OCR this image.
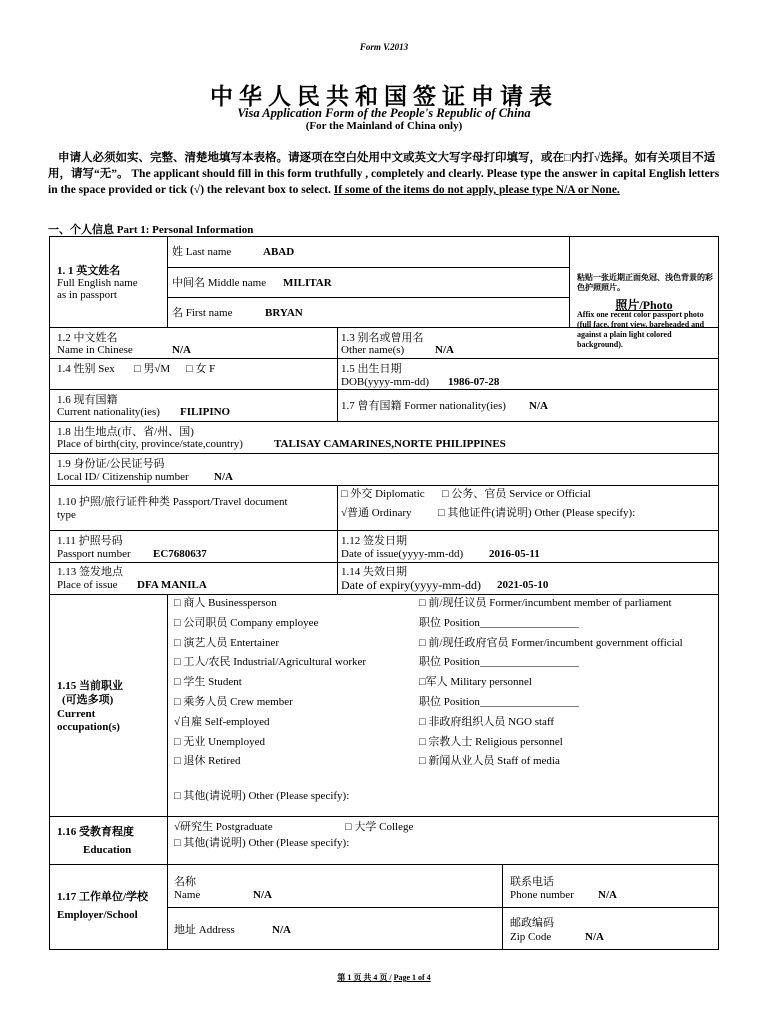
Form V.2013
中华人民共和国签证申请表
Visa Application Form of the People's Republic of China
(For the Mainland of China only)
申请人必须如实、完整、清楚地填写本表格。请逐项在空白处用中文或英文大写字母打印填写，或在□内打√选择。如有关项目不适用，请写“无”。 The applicant should fill in this form truthfully , completely and clearly. Please type the answer in capital English letters in the space provided or tick (√) the relevant box to select. If some of the items do not apply, please type N/A or None.
一、个人信息 Part 1: Personal Information
1. 1 英文姓名
Full English name
as in passport
姓 Last name	ABAD
中间名 Middle name MILITAR
名 First name	BRYAN
粘贴一张近期正面免冠、浅色背景的彩色护照照片。
照片/Photo
Affix one recent color passport photo (full face, front view, bareheaded and against a plain light colored background).
1.2 中文姓名
Name in Chinese	N/A
1.3 别名或曾用名
Other name(s)	N/A
1.4 性别 Sex □ 男√M □ 女 F	1.5 出生日期
DOB(yyyy-mm-dd) 1986-07-28
1.6 现有国籍
Current nationality(ies) FILIPINO	1.7 曾有国籍 Former nationality(ies) N/A
1.8 出生地点(市、省/州、国)
Place of birth(city, province/state,country)	TALISAY CAMARINES,NORTE PHILIPPINES
1.9 身份证/公民证号码
Local ID/ Citizenship number N/A
1.10 护照/旅行证件种类 Passport/Travel document
type
□ 外交 Diplomatic □ 公务、官员 Service or Official
√普通 Ordinary □ 其他证件(请说明) Other (Please specify):
1.11 护照号码
Passport number EC7680637
1.12 签发日期
Date of issue(yyyy-mm-dd) 2016-05-11
1.13 签发地点
Place of issue DFA MANILA
1.14 失效日期
Date of expiry(yyyy-mm-dd) 2021-05-10
1.15 当前职业
(可选多项)
Current
occupation(s)
□ 商人 Businessperson
□ 公司职员 Company employee
□ 演艺人员 Entertainer
□ 工人/农民 Industrial/Agricultural worker
□ 学生 Student
□ 乘务人员 Crew member
√自雇 Self-employed
□ 无业 Unemployed
□ 退休 Retired
□ 前/现任议员 Former/incumbent member of parliament
职位 Position__________________
□ 前/现任政府官员 Former/incumbent government official
职位 Position__________________
□军人 Military personnel
职位 Position__________________
□ 非政府组织人员 NGO staff
□ 宗教人士 Religious personnel
□ 新闻从业人员 Staff of media
□ 其他(请说明) Other (Please specify):
1.16 受教育程度
Education
√研究生 Postgraduate	□ 大学 College
□ 其他(请说明) Other (Please specify):
1.17 工作单位/学校
Employer/School
名称
Name	N/A
联系电话
Phone number N/A
地址 Address	N/A
邮政编码
Zip Code	N/A
第 1 页 共 4 页 / Page 1 of 4
